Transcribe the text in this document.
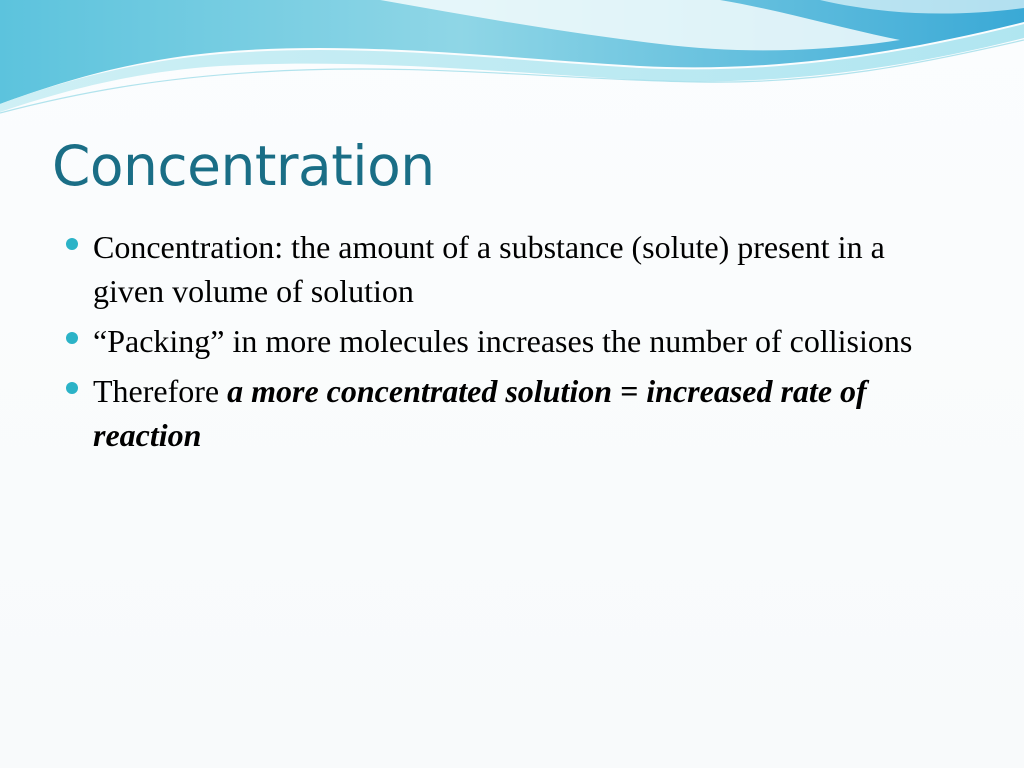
Concentration
Concentration: the amount of a substance (solute) present in a given volume of solution
“Packing” in more molecules increases the number of collisions
Therefore a more concentrated solution = increased rate of reaction
